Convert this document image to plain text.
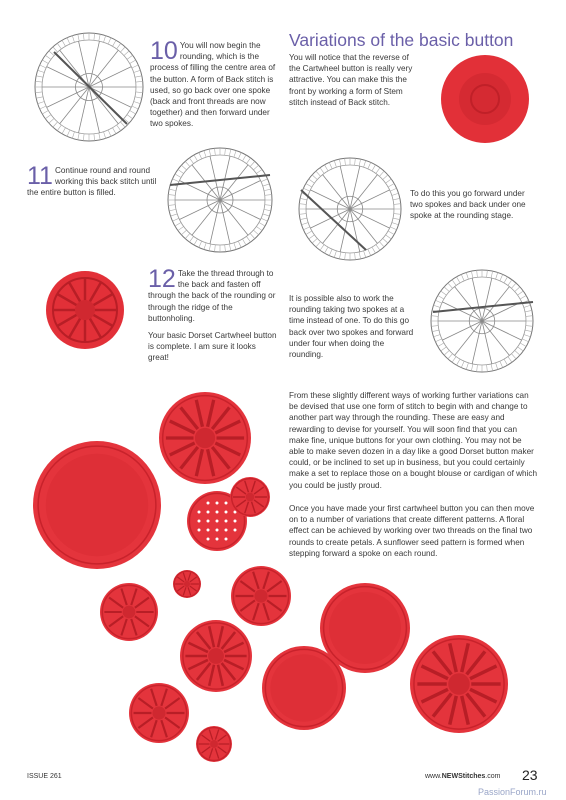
10 You will now begin the rounding, which is the process of filling the centre area of the button. A form of Back stitch is used, so go back over one spoke (back and front threads are now together) and then forward under two spokes.
Variations of the basic button
You will notice that the reverse of the Cartwheel button is really very attractive. You can make this the front by working a form of Stem stitch instead of Back stitch.
11 Continue round and round working this back stitch until the entire button is filled.	To do this you go forward under two spokes and back under one spoke at the rounding stage.
12 Take the thread through to the back and fasten off through the back of the rounding or through the ridge of the buttonholing.
Your basic Dorset Cartwheel button is complete. I am sure it looks great!
It is possible also to work the rounding taking two spokes at a time instead of one. To do this go back over two spokes and forward under four when doing the rounding.
From these slightly different ways of working further variations can be devised that use one form of stitch to begin with and change to another part way through the rounding. These are easy and rewarding to devise for yourself. You will soon find that you can make fine, unique buttons for your own clothing. You may not be able to make seven dozen in a day like a good Dorset button maker could, or be inclined to set up in business, but you could certainly make a set to replace those on a bought blouse or cardigan of which you could be justly proud.
Once you have made your first cartwheel button you can then move on to a number of variations that create different patterns. A floral effect can be achieved by working over two threads on the final two rounds to create petals. A sunflower seed pattern is formed when stepping forward a spoke on each round.
ISSUE 261	www.NEWStitches.com 23
PassionForum.ru
